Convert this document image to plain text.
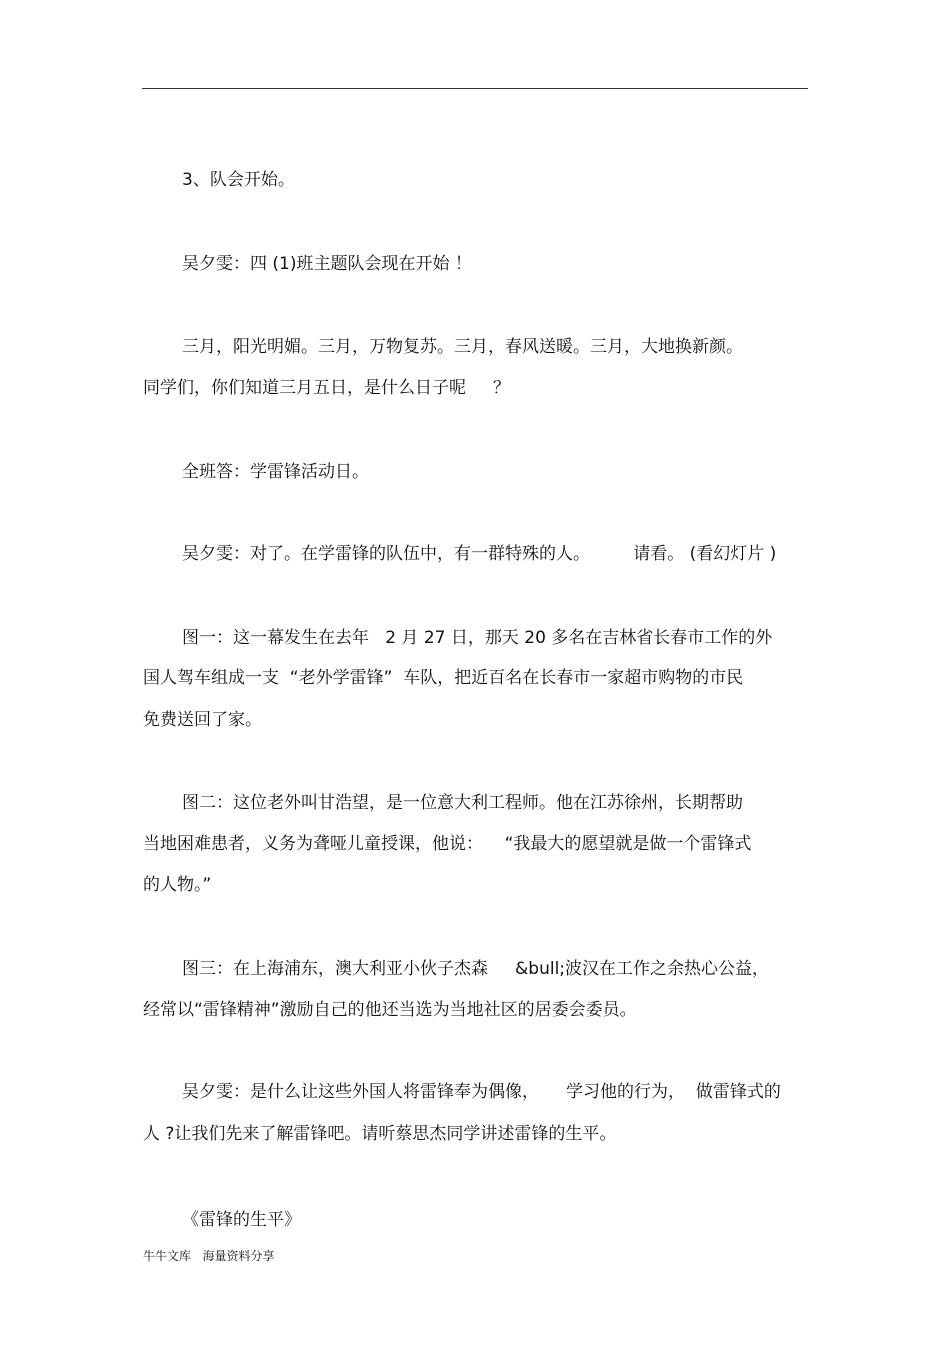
3、队会开始。
吴夕雯：四 (1)班主题队会现在开始 ！
三月，阳光明媚。三月，万物复苏。三月，春风送暖。三月，大地换新颜。
同学们，你们知道三月五日，是什么日子呢     ？
全班答：学雷锋活动日。
吴夕雯：对了。在学雷锋的队伍中，有一群特殊的人。        请看。 (看幻灯片 )
图一：这一幕发生在去年   2 月 27 日，那天 20 多名在吉林省长春市工作的外
国人驾车组成一支  “老外学雷锋”  车队，把近百名在长春市一家超市购物的市民
免费送回了家。
图二：这位老外叫甘浩望，是一位意大利工程师。他在江苏徐州，长期帮助
当地困难患者，义务为聋哑儿童授课，他说：    “我最大的愿望就是做一个雷锋式
的人物。”
图三：在上海浦东，澳大利亚小伙子杰森     &bull;波汉在工作之余热心公益，
经常以“雷锋精神”激励自己的他还当选为当地社区的居委会委员。
吴夕雯：是什么让这些外国人将雷锋奉为偶像，     学习他的行为，  做雷锋式的
人 ?让我们先来了解雷锋吧。请听蔡思杰同学讲述雷锋的生平。
《雷锋的生平》
牛牛文库   海量资料分享
